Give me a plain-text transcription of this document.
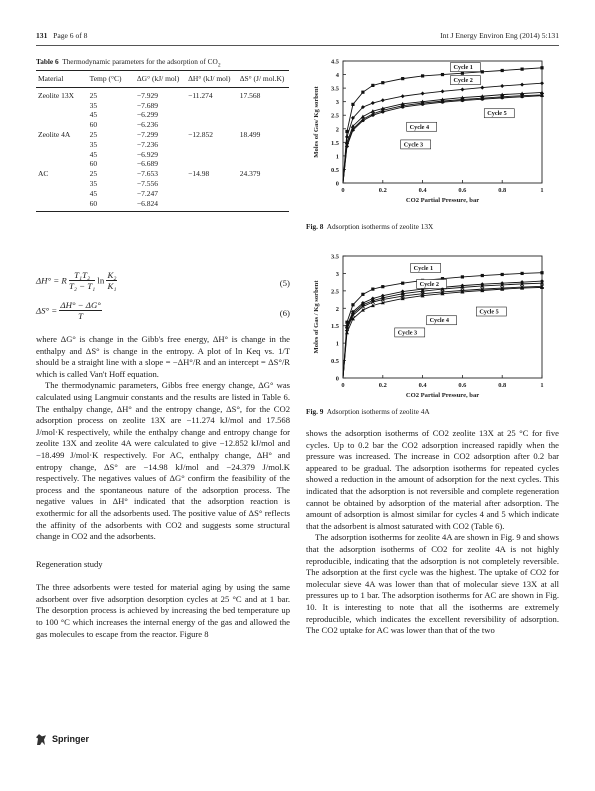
131 Page 6 of 8	Int J Energy Environ Eng (2014) 5:131
Table 6 Thermodynamic parameters for the adsorption of $CO_2$
Material	Temp (°C)	ΔG° (kJ/ mol)	ΔH° (kJ/ mol)	ΔS° (J/ mol.K)
Zeolite 13X	25	−7.929	−11.274	17.568
	35	−7.689		
	45	−6.299		
	60	−6.236		
Zeolite 4A	25	−7.299	−12.852	18.499
	35	−7.236		
	45	−6.929		
	60	−6.689		
AC	25	−7.653	−14.98	24.379
	35	−7.556		
	45	−7.247		
	60	−6.824		
ΔH° = R $\frac{\text{T₁T₂}}{\text{T₂ − T₁}}$ $\ln \frac{\text{K₂}}{\text{K₁}}$	(5)
$\Delta S^\circ = \frac{\Delta H^\circ - \Delta G^\circ}{T}$	(6)

where ΔG° is change in the Gibb's free energy, ΔH° is change in the enthalpy and ΔS° is change in the entropy. A plot of ln Keq vs. 1/T should be a straight line with a slope = −ΔH°/R and an intercept = ΔS°/R which is called Van't Hoff equation.

The thermodynamic parameters, Gibbs free energy change, ΔG° was calculated using Langmuir constants and the results are listed in Table 6. The enthalpy change, ΔH° and the entropy change, ΔS°, for the CO2 adsorption process on zeolite 13X are −11.274 kJ/mol and 17.568 J/mol·K respectively, while the enthalpy change and entropy change for zeolite 13X and zeolite 4A were calculated to give −12.852 kJ/mol and −18.499 J/mol·K respectively. For AC, enthalpy change, ΔH° and entropy change, ΔS° are −14.98 kJ/mol and −24.379 J/mol.K respectively. The negatives values of ΔG° confirm the feasibility of the process and the spontaneous nature of the adsorption process. The negative values in ΔH° indicated that the adsorption reaction is exothermic for all the adsorbents used. The positive value of ΔS° reflects the affinity of the adsorbents with CO2 and suggests some structural change in CO2 and the adsorbents.

Regeneration study

The three adsorbents were tested for material aging by using the same adsorbent over five adsorption desorption cycles at 25 °C and at 1 bar. The desorption process is achieved by increasing the bed temperature up to 100 °C which increases the internal energy of the gas and allowed the gas molecules to escape from the reactor. Figure 8

0
0.5
1
1.5
2
2.5
3
3.5
4
4.5
0	0.2	0.4	0.6	0.8	1
CO2 Partial Pressure, bar
Moles of Gas/ Kg sorbent
Cycle 1
Cycle 2
Cycle 3
Cycle 4
Cycle 5
Fig. 8 Adsorption isotherms of zeolite 13X
0
0.5
1
1.5
2
2.5
3
3.5
0	0.2	0.4	0.6	0.8	1
CO2 Partial Pressure, bar
Moles of Gas / Kg sorbent
Cycle 1
Cycle 2
Cycle 3
Cycle 4
Cycle 5
Fig. 9 Adsorption isotherms of zeolite 4A

shows the adsorption isotherms of CO2 zeolite 13X at 25 °C for five cycles. Up to 0.2 bar the CO2 adsorption increased rapidly when the pressure was increased. The increase in CO2 adsorption after 0.2 bar appeared to be gradual. The adsorption isotherms for repeated cycles showed a reduction in the amount of adsorption for the next cycles. This indicated that the adsorption is not reversible and complete regeneration cannot be obtained by adsorption of the material after adsorption. The amount of adsorption is almost similar for cycles 4 and 5 which indicate that the adsorbent is almost saturated with CO2 (Table 6).

The adsorption isotherms for zeolite 4A are shown in Fig. 9 and shows that the adsorption isotherms of CO2 for zeolite 4A is not highly reproducible, indicating that the adsorption is not completely reversible. The adsorption at the first cycle was the highest. The uptake of CO2 for molecular sieve 4A was lower than that of molecular sieve 13X at all pressures up to 1 bar. The adsorption isotherms for AC are shown in Fig. 10. It is interesting to note that all the isotherms are extremely reproducible, which indicates the excellent reversibility of adsorption. The CO2 uptake for AC was lower than that of the two

Springer
